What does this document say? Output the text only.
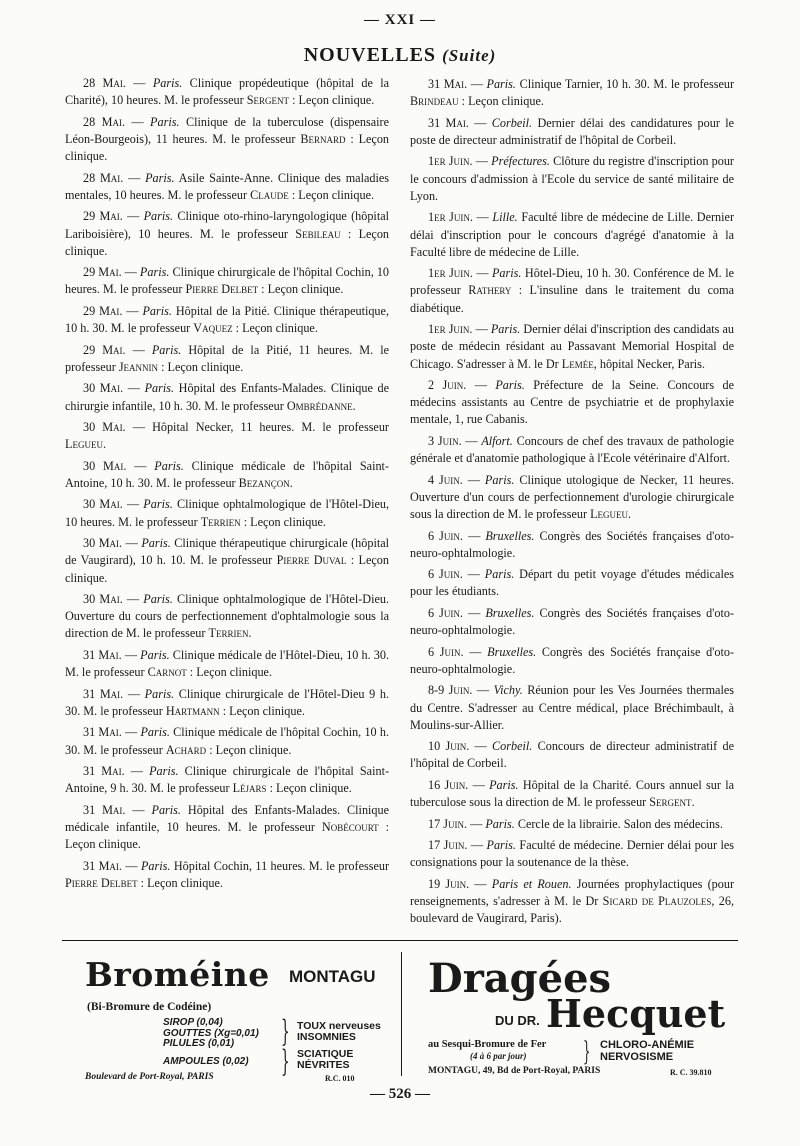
— XXI —
NOUVELLES (Suite)

28 Mai. — Paris. Clinique propédeutique (hôpital de la Charité), 10 heures. M. le professeur Sergent : Leçon clinique.

28 Mai. — Paris. Clinique de la tuberculose (dispensaire Léon-Bourgeois), 11 heures. M. le professeur Bernard : Leçon clinique.

28 Mai. — Paris. Asile Sainte-Anne. Clinique des maladies mentales, 10 heures. M. le professeur Claude : Leçon clinique.

29 Mai. — Paris. Clinique oto-rhino-laryngologique (hôpital Lariboisière), 10 heures. M. le professeur Sebileau : Leçon clinique.

29 Mai. — Paris. Clinique chirurgicale de l'hôpital Cochin, 10 heures. M. le professeur Pierre Delbet : Leçon clinique.

29 Mai. — Paris. Hôpital de la Pitié. Clinique thérapeutique, 10 h. 30. M. le professeur Vaquez : Leçon clinique.

29 Mai. — Paris. Hôpital de la Pitié, 11 heures. M. le professeur Jeannin : Leçon clinique.

30 Mai. — Paris. Hôpital des Enfants-Malades. Clinique de chirurgie infantile, 10 h. 30. M. le professeur Ombrédanne.

30 Mai. — Hôpital Necker, 11 heures. M. le professeur Legueu.

30 Mai. — Paris. Clinique médicale de l'hôpital Saint-Antoine, 10 h. 30. M. le professeur Bezançon.

30 Mai. — Paris. Clinique ophtalmologique de l'Hôtel-Dieu, 10 heures. M. le professeur Terrien : Leçon clinique.

30 Mai. — Paris. Clinique thérapeutique chirurgicale (hôpital de Vaugirard), 10 h. 10. M. le professeur Pierre Duval : Leçon clinique.

30 Mai. — Paris. Clinique ophtalmologique de l'Hôtel-Dieu. Ouverture du cours de perfectionnement d'ophtalmologie sous la direction de M. le professeur Terrien.

31 Mai. — Paris. Clinique médicale de l'Hôtel-Dieu, 10 h. 30. M. le professeur Carnot : Leçon clinique.

31 Mai. — Paris. Clinique chirurgicale de l'Hôtel-Dieu 9 h. 30. M. le professeur Hartmann : Leçon clinique.

31 Mai. — Paris. Clinique médicale de l'hôpital Cochin, 10 h. 30. M. le professeur Achard : Leçon clinique.

31 Mai. — Paris. Clinique chirurgicale de l'hôpital Saint-Antoine, 9 h. 30. M. le professeur Léjars : Leçon clinique.

31 Mai. — Paris. Hôpital des Enfants-Malades. Clinique médicale infantile, 10 heures. M. le professeur Nobécourt : Leçon clinique.

31 Mai. — Paris. Hôpital Cochin, 11 heures. M. le professeur Pierre Delbet : Leçon clinique.

31 Mai. — Paris. Clinique Tarnier, 10 h. 30. M. le professeur Brindeau : Leçon clinique.

31 Mai. — Corbeil. Dernier délai des candidatures pour le poste de directeur administratif de l'hôpital de Corbeil.

1er Juin. — Préfectures. Clôture du registre d'inscription pour le concours d'admission à l'Ecole du service de santé militaire de Lyon.

1er Juin. — Lille. Faculté libre de médecine de Lille. Dernier délai d'inscription pour le concours d'agrégé d'anatomie à la Faculté libre de médecine de Lille.

1er Juin. — Paris. Hôtel-Dieu, 10 h. 30. Conférence de M. le professeur Rathery : L'insuline dans le traitement du coma diabétique.

1er Juin. — Paris. Dernier délai d'inscription des candidats au poste de médecin résidant au Passavant Memorial Hospital de Chicago. S'adresser à M. le Dr Lemée, hôpital Necker, Paris.

2 Juin. — Paris. Préfecture de la Seine. Concours de médecins assistants au Centre de psychiatrie et de prophylaxie mentale, 1, rue Cabanis.

3 Juin. — Alfort. Concours de chef des travaux de pathologie générale et d'anatomie pathologique à l'Ecole vétérinaire d'Alfort.

4 Juin. — Paris. Clinique utologique de Necker, 11 heures. Ouverture d'un cours de perfectionnement d'urologie chirurgicale sous la direction de M. le professeur Legueu.

6 Juin. — Bruxelles. Congrès des Sociétés françaises d'oto-neuro-ophtalmologie.

6 Juin. — Paris. Départ du petit voyage d'études médicales pour les étudiants.

6 Juin. — Bruxelles. Congrès des Sociétés françaises d'oto-neuro-ophtalmologie.

6 Juin. — Bruxelles. Congrès des Sociétés française d'oto-neuro-ophtalmologie.

8-9 Juin. — Vichy. Réunion pour les Ves Journées thermales du Centre. S'adresser au Centre médical, place Bréchimbault, à Moulins-sur-Allier.

10 Juin. — Corbeil. Concours de directeur administratif de l'hôpital de Corbeil.

16 Juin. — Paris. Hôpital de la Charité. Cours annuel sur la tuberculose sous la direction de M. le professeur Sergent.

17 Juin. — Paris. Cercle de la librairie. Salon des médecins.

17 Juin. — Paris. Faculté de médecine. Dernier délai pour les consignations pour la soutenance de la thèse.

19 Juin. — Paris et Rouen. Journées prophylactiques (pour renseignements, s'adresser à M. le Dr Sicard de Plauzoles, 26, boulevard de Vaugirard, Paris).

Broméine MONTAGU
(Bi-Bromure de Codéine)
SIROP (0,04)
GOUTTES (Xg=0,01)
PILULES (0,01)
AMPOULES (0,02)
}
}
TOUX nerveuses
INSOMNIES
SCIATIQUE
NÉVRITES
Boulevard de Port-Royal, PARIS	R.C. 010
Dragées
DU DR. Hecquet
au Sesqui-Bromure de Fer
(4 à 6 par jour) } CHLORO-ANÉMIE
NERVOSISME
MONTAGU, 49, Bd de Port-Royal, PARIS	R. C. 39.810
— 526 —
